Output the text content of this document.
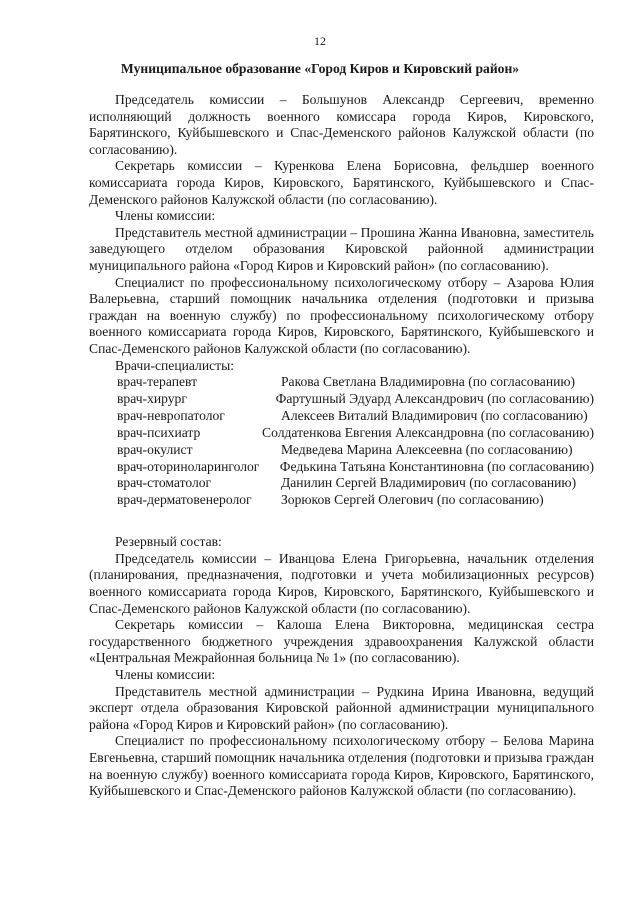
12
Муниципальное образование «Город Киров и Кировский район»

Председатель комиссии – Большунов Александр Сергеевич, временно исполняющий должность военного комиссара города Киров, Кировского, Барятинского, Куйбышевского и Спас-Деменского районов Калужской области (по согласованию).

Секретарь комиссии – Куренкова Елена Борисовна, фельдшер военного комиссариата города Киров, Кировского, Барятинского, Куйбышевского и Спас-Деменского районов Калужской области (по согласованию).

Члены комиссии:

Представитель местной администрации – Прошина Жанна Ивановна, заместитель заведующего отделом образования Кировской районной администрации муниципального района «Город Киров и Кировский район» (по согласованию).

Специалист по профессиональному психологическому отбору – Азарова Юлия Валерьевна, старший помощник начальника отделения (подготовки и призыва граждан на военную службу) по профессиональному психологическому отбору военного комиссариата города Киров, Кировского, Барятинского, Куйбышевского и Спас-Деменского районов Калужской области (по согласованию).

Врачи-специалисты:

врач-терапевт	Ракова Светлана Владимировна (по согласованию)
врач-хирург	Фартушный Эдуард Александрович (по согласованию)
врач-невропатолог	Алексеев Виталий Владимирович (по согласованию)
врач-психиатр	Солдатенкова Евгения Александровна (по согласованию)
врач-окулист	Медведева Марина Алексеевна (по согласованию)
врач-оториноларинголог	Федькина Татьяна Константиновна (по согласованию)
врач-стоматолог	Данилин Сергей Владимирович (по согласованию)
врач-дерматовенеролог	Зорюков Сергей Олегович (по согласованию)

Резервный состав:

Председатель комиссии – Иванцова Елена Григорьевна, начальник отделения (планирования, предназначения, подготовки и учета мобилизационных ресурсов) военного комиссариата города Киров, Кировского, Барятинского, Куйбышевского и Спас-Деменского районов Калужской области (по согласованию).

Секретарь комиссии – Калоша Елена Викторовна, медицинская сестра государственного бюджетного учреждения здравоохранения Калужской области «Центральная Межрайонная больница № 1» (по согласованию).

Члены комиссии:

Представитель местной администрации – Рудкина Ирина Ивановна, ведущий эксперт отдела образования Кировской районной администрации муниципального района «Город Киров и Кировский район» (по согласованию).

Специалист по профессиональному психологическому отбору – Белова Марина Евгеньевна, старший помощник начальника отделения (подготовки и призыва граждан на военную службу) военного комиссариата города Киров, Кировского, Барятинского, Куйбышевского и Спас-Деменского районов Калужской области (по согласованию).
